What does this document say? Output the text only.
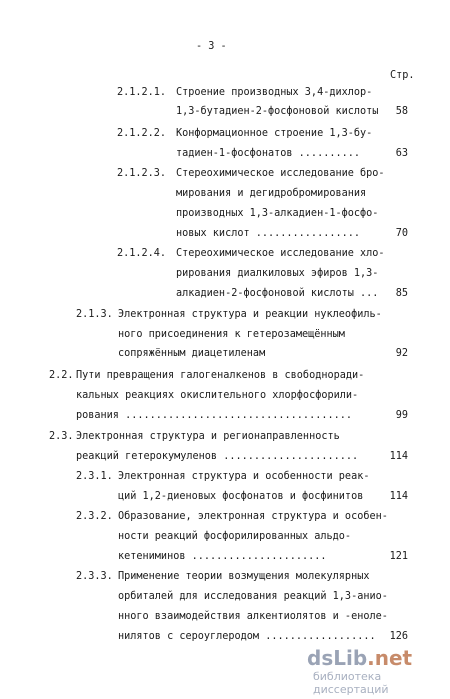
- 3 -
Стр.
2.1.2.1. Строение производных 3,4-дихлор-
1,3-бутадиен-2-фосфоновой кислоты 58
2.1.2.2. Конформационное строение 1,3-бу-
тадиен-1-фосфонатов ..........	63
2.1.2.3. Стереохимическое исследование бро-
мирования и дегидробромирования
производных 1,3-алкадиен-1-фосфо-
новых кислот .................	70
2.1.2.4. Стереохимическое исследование хло-
рирования диалкиловых эфиров 1,3-
алкадиен-2-фосфоновой кислоты ... 85
2.1.3. Электронная структура и реакции нуклеофиль-
ного присоединения к гетерозамещённым
сопряжённым диацетиленам	92
2.2. Пути превращения галогеналкенов в свободноради-
кальных реакциях окислительного хлорфосфорили-
рования .....................................	99
2.3. Электронная структура и регионаправленность
реакций гетерокумуленов ......................	114
2.3.1. Электронная структура и особенности реак-
ций 1,2-диеновых фосфонатов и фосфинитов	114
2.3.2. Образование, электронная структура и особен-
ности реакций фосфорилированных альдо-
кетениминов ......................	121
2.3.3. Применение теории возмущения молекулярных
орбиталей для исследования реакций 1,3-анио-
нного взаимодействия алкентиолятов и -еноле-
нилятов с сероуглеродом .................. 126
dsLib.net
библиотека диссертаций
